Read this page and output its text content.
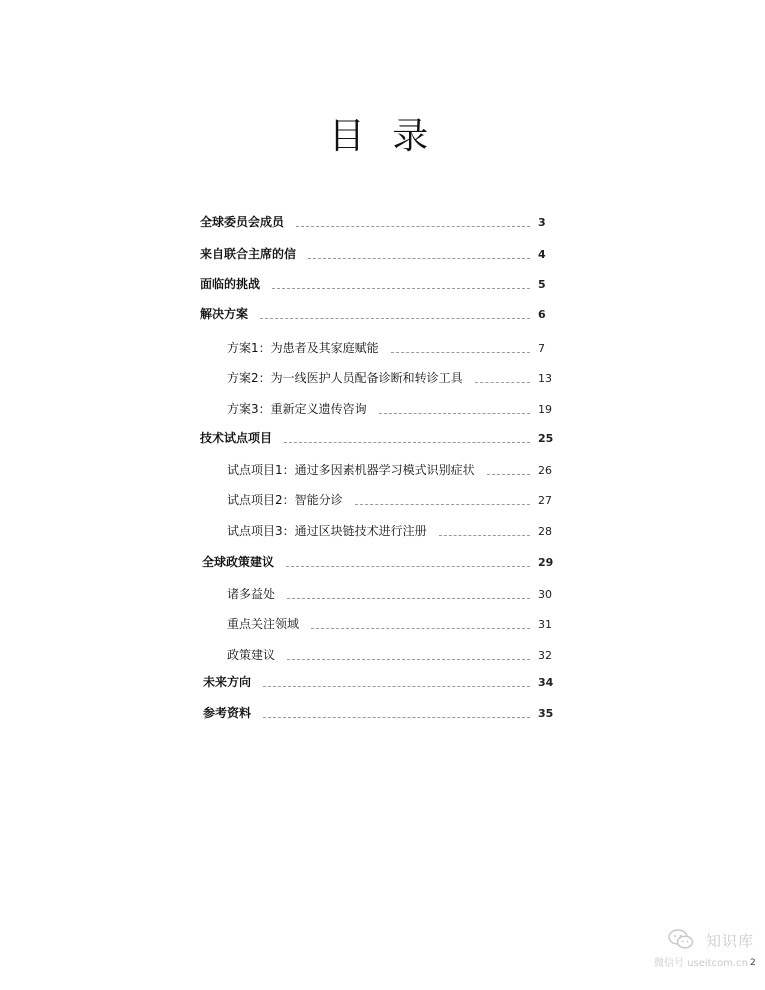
目 录
全球委员会成员	3
来自联合主席的信	4
面临的挑战	5
解决方案	6
方案1：为患者及其家庭赋能	7
方案2：为一线医护人员配备诊断和转诊工具	13
方案3：重新定义遗传咨询	19
技术试点项目	25
试点项目1：通过多因素机器学习模式识别症状	26
试点项目2：智能分诊	27
试点项目3：通过区块链技术进行注册	28
全球政策建议	29
诸多益处	30
重点关注领域	31
政策建议	32
未来方向	34
参考资料	35
2
知识库
微信号 useitcom.cn
